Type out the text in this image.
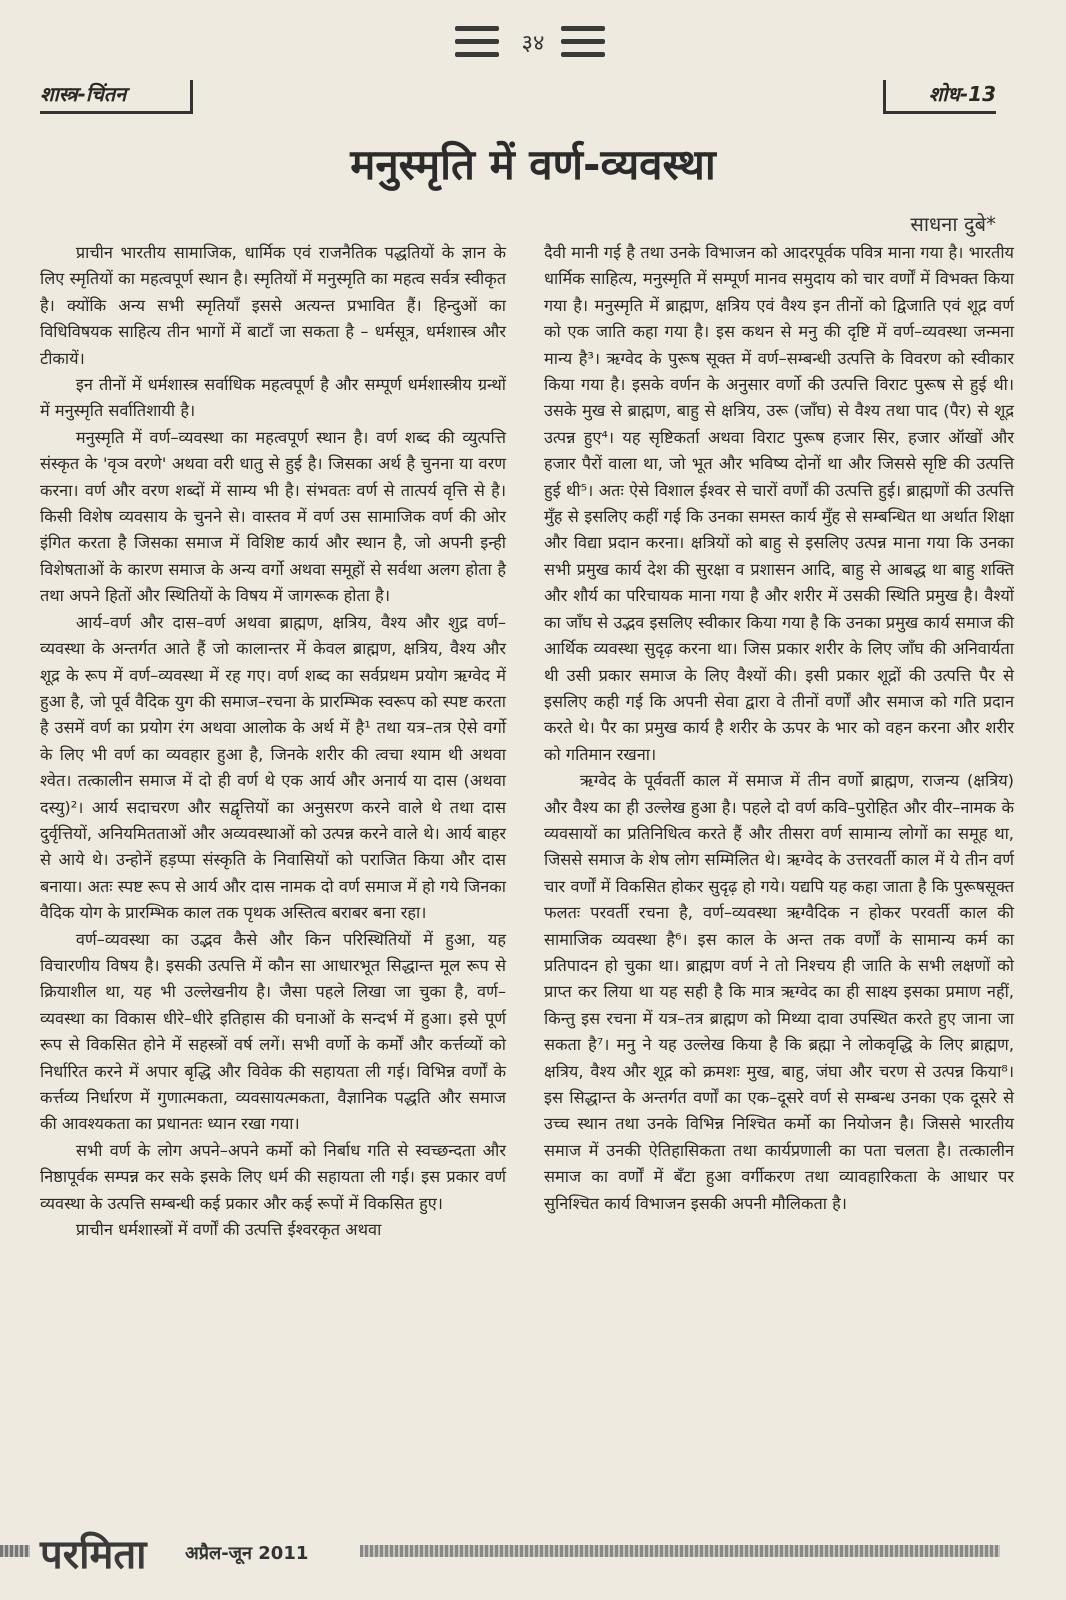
३४
शास्त्र-चिंतन	शोध-13
मनुस्मृति में वर्ण-व्यवस्था
साधना दुबे*

प्राचीन भारतीय सामाजिक, धार्मिक एवं राजनैतिक पद्धतियों के ज्ञान के लिए स्मृतियों का महत्वपूर्ण स्थान है। स्मृतियों में मनुस्मृति का महत्व सर्वत्र स्वीकृत है। क्योंकि अन्य सभी स्मृतियाँ इससे अत्यन्त प्रभावित हैं। हिन्दुओं का विधिविषयक साहित्य तीन भागों में बाटाँ जा सकता है – धर्मसूत्र, धर्मशास्त्र और टीकायें।

इन तीनों में धर्मशास्त्र सर्वाधिक महत्वपूर्ण है और सम्पूर्ण धर्मशास्त्रीय ग्रन्थों में मनुस्मृति सर्वातिशायी है।

मनुस्मृति में वर्ण–व्यवस्था का महत्वपूर्ण स्थान है। वर्ण शब्द की व्युत्पत्ति संस्कृत के 'वृञ वरणे' अथवा वरी धातु से हुई है। जिसका अर्थ है चुनना या वरण करना। वर्ण और वरण शब्दों में साम्य भी है। संभवतः वर्ण से तात्पर्य वृत्ति से है। किसी विशेष व्यवसाय के चुनने से। वास्तव में वर्ण उस सामाजिक वर्ण की ओर इंगित करता है जिसका समाज में विशिष्ट कार्य और स्थान है, जो अपनी इन्ही विशेषताओं के कारण समाज के अन्य वर्गो अथवा समूहों से सर्वथा अलग होता है तथा अपने हितों और स्थितियों के विषय में जागरूक होता है।

आर्य–वर्ण और दास–वर्ण अथवा ब्राह्मण, क्षत्रिय, वैश्य और शुद्र वर्ण–व्यवस्था के अन्तर्गत आते हैं जो कालान्तर में केवल ब्राह्मण, क्षत्रिय, वैश्य और शूद्र के रूप में वर्ण–व्यवस्था में रह गए। वर्ण शब्द का सर्वप्रथम प्रयोग ऋग्वेद में हुआ है, जो पूर्व वैदिक युग की समाज–रचना के प्रारम्भिक स्वरूप को स्पष्ट करता है उसमें वर्ण का प्रयोग रंग अथवा आलोक के अर्थ में है¹ तथा यत्र–तत्र ऐसे वर्गो के लिए भी वर्ण का व्यवहार हुआ है, जिनके शरीर की त्वचा श्याम थी अथवा श्वेत। तत्कालीन समाज में दो ही वर्ण थे एक आर्य और अनार्य या दास (अथवा दस्यु)²। आर्य सदाचरण और सद्वृत्तियों का अनुसरण करने वाले थे तथा दास दुर्वृत्तियों, अनियमितताओं और अव्यवस्थाओं को उत्पन्न करने वाले थे। आर्य बाहर से आये थे। उन्होनें हड़प्पा संस्कृति के निवासियों को पराजित किया और दास बनाया। अतः स्पष्ट रूप से आर्य और दास नामक दो वर्ण समाज में हो गये जिनका वैदिक योग के प्रारम्भिक काल तक पृथक अस्तित्व बराबर बना रहा।

वर्ण–व्यवस्था का उद्भव कैसे और किन परिस्थितियों में हुआ, यह विचारणीय विषय है। इसकी उत्पत्ति में कौन सा आधारभूत सिद्धान्त मूल रूप से क्रियाशील था, यह भी उल्लेखनीय है। जैसा पहले लिखा जा चुका है, वर्ण–व्यवस्था का विकास धीरे–धीरे इतिहास की घनाओं के सन्दर्भ में हुआ। इसे पूर्ण रूप से विकसित होने में सहस्त्रों वर्ष लगें। सभी वर्णो के कर्मों और कर्त्तव्यों को निर्धारित करने में अपार बृद्धि और विवेक की सहायता ली गई। विभिन्न वर्णों के कर्त्तव्य निर्धारण में गुणात्मकता, व्यवसायत्मकता, वैज्ञानिक पद्धति और समाज की आवश्यकता का प्रधानतः ध्यान रखा गया।

सभी वर्ण के लोग अपने–अपने कर्मो को निर्बाध गति से स्वच्छन्दता और निष्ठापूर्वक सम्पन्न कर सके इसके लिए धर्म की सहायता ली गई। इस प्रकार वर्ण व्यवस्था के उत्पत्ति सम्बन्धी कई प्रकार और कई रूपों में विकसित हुए।

प्राचीन धर्मशास्त्रों में वर्णों की उत्पत्ति ईश्वरकृत अथवा

दैवी मानी गई है तथा उनके विभाजन को आदरपूर्वक पवित्र माना गया है। भारतीय धार्मिक साहित्य, मनुस्मृति में सम्पूर्ण मानव समुदाय को चार वर्णों में विभक्त किया गया है। मनुस्मृति में ब्राह्मण, क्षत्रिय एवं वैश्य इन तीनों को द्विजाति एवं शूद्र वर्ण को एक जाति कहा गया है। इस कथन से मनु की दृष्टि में वर्ण–व्यवस्था जन्मना मान्य है³। ऋग्वेद के पुरूष सूक्त में वर्ण–सम्बन्धी उत्पत्ति के विवरण को स्वीकार किया गया है। इसके वर्णन के अनुसार वर्णो की उत्पत्ति विराट पुरूष से हुई थी। उसके मुख से ब्राह्मण, बाहु से क्षत्रिय, उरू (जाँघ) से वैश्य तथा पाद (पैर) से शूद्र उत्पन्न हुए⁴। यह सृष्टिकर्ता अथवा विराट पुरूष हजार सिर, हजार ऑखों और हजार पैरों वाला था, जो भूत और भविष्य दोनों था और जिससे सृष्टि की उत्पत्ति हुई थी⁵। अतः ऐसे विशाल ईश्वर से चारों वर्णों की उत्पत्ति हुई। ब्राह्मणों की उत्पत्ति मुँह से इसलिए कहीं गई कि उनका समस्त कार्य मुँह से सम्बन्धित था अर्थात शिक्षा और विद्या प्रदान करना। क्षत्रियों को बाहु से इसलिए उत्पन्न माना गया कि उनका सभी प्रमुख कार्य देश की सुरक्षा व प्रशासन आदि, बाहु से आबद्ध था बाहु शक्ति और शौर्य का परिचायक माना गया है और शरीर में उसकी स्थिति प्रमुख है। वैश्यों का जाँघ से उद्भव इसलिए स्वीकार किया गया है कि उनका प्रमुख कार्य समाज की आर्थिक व्यवस्था सुदृढ़ करना था। जिस प्रकार शरीर के लिए जाँघ की अनिवार्यता थी उसी प्रकार समाज के लिए वैश्यों की। इसी प्रकार शूद्रों की उत्पत्ति पैर से इसलिए कही गई कि अपनी सेवा द्वारा वे तीनों वर्णों और समाज को गति प्रदान करते थे। पैर का प्रमुख कार्य है शरीर के ऊपर के भार को वहन करना और शरीर को गतिमान रखना।

ऋग्वेद के पूर्ववर्ती काल में समाज में तीन वर्णो ब्राह्मण, राजन्य (क्षत्रिय) और वैश्य का ही उल्लेख हुआ है। पहले दो वर्ण कवि–पुरोहित और वीर–नामक के व्यवसायों का प्रतिनिधित्व करते हैं और तीसरा वर्ण सामान्य लोगों का समूह था, जिससे समाज के शेष लोग सम्मिलित थे। ऋग्वेद के उत्तरवर्ती काल में ये तीन वर्ण चार वर्णों में विकसित होकर सुदृढ़ हो गये। यद्यपि यह कहा जाता है कि पुरूषसूक्त फलतः परवर्ती रचना है, वर्ण–व्यवस्था ऋग्वैदिक न होकर परवर्ती काल की सामाजिक व्यवस्था है⁶। इस काल के अन्त तक वर्णों के सामान्य कर्म का प्रतिपादन हो चुका था। ब्राह्मण वर्ण ने तो निश्चय ही जाति के सभी लक्षणों को प्राप्त कर लिया था यह सही है कि मात्र ऋग्वेद का ही साक्ष्य इसका प्रमाण नहीं, किन्तु इस रचना में यत्र–तत्र ब्राह्मण को मिथ्या दावा उपस्थित करते हुए जाना जा सकता है⁷। मनु ने यह उल्लेख किया है कि ब्रह्मा ने लोकवृद्धि के लिए ब्राह्मण, क्षत्रिय, वैश्य और शूद्र को क्रमशः मुख, बाहु, जंघा और चरण से उत्पन्न किया⁸। इस सिद्धान्त के अन्तर्गत वर्णों का एक–दूसरे वर्ण से सम्बन्ध उनका एक दूसरे से उच्च स्थान तथा उनके विभिन्न निश्चित कर्मो का नियोजन है। जिससे भारतीय समाज में उनकी ऐतिहासिकता तथा कार्यप्रणाली का पता चलता है। तत्कालीन समाज का वर्णों में बँटा हुआ वर्गीकरण तथा व्यावहारिकता के आधार पर सुनिश्चित कार्य विभाजन इसकी अपनी मौलिकता है।

परमिता अप्रैल-जून 2011
